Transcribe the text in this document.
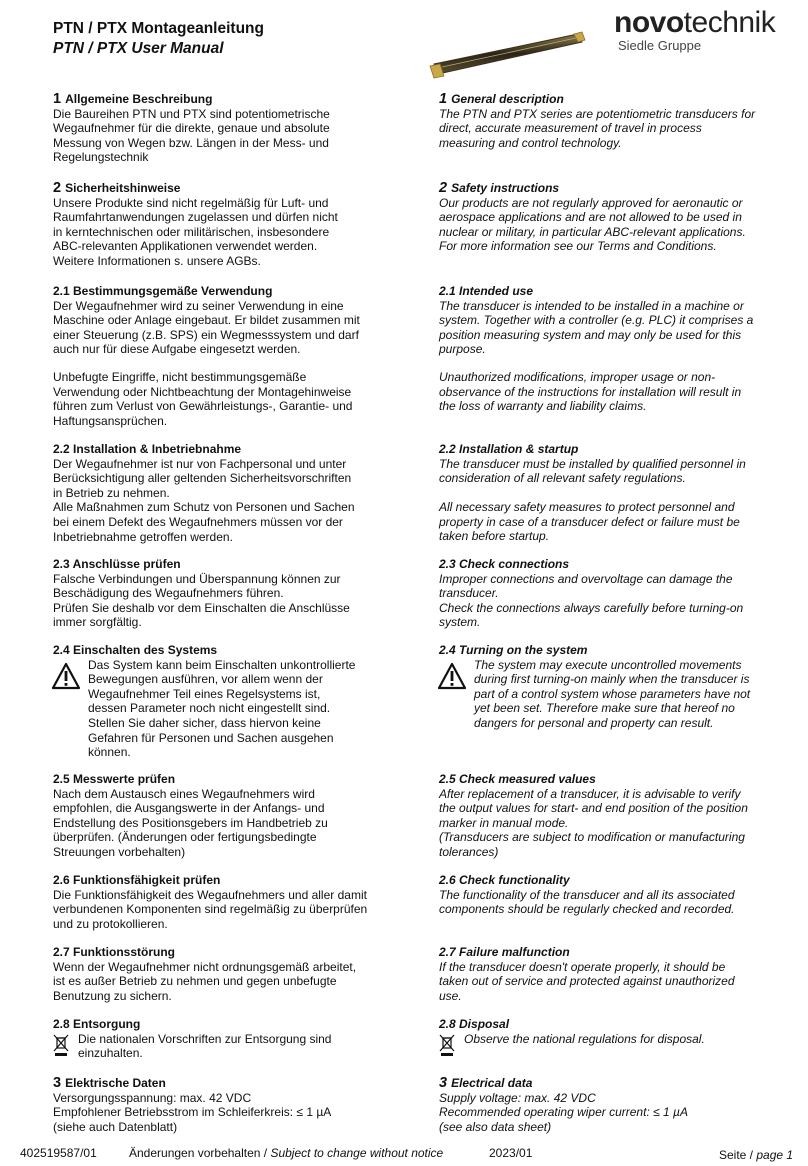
PTN / PTX Montageanleitung
PTN / PTX User Manual
novotechnik
Siedle Gruppe
1 Allgemeine Beschreibung
Die Baureihen PTN und PTX sind potentiometrische
Wegaufnehmer für die direkte, genaue und absolute
Messung von Wegen bzw. Längen in der Mess- und
Regelungstechnik
2 Sicherheitshinweise
Unsere Produkte sind nicht regelmäßig für Luft- und
Raumfahrtanwendungen zugelassen und dürfen nicht
in kerntechnischen oder militärischen, insbesondere
ABC-relevanten Applikationen verwendet werden.
Weitere Informationen s. unsere AGBs.
2.1 Bestimmungsgemäße Verwendung
Der Wegaufnehmer wird zu seiner Verwendung in eine
Maschine oder Anlage eingebaut. Er bildet zusammen mit
einer Steuerung (z.B. SPS) ein Wegmesssystem und darf
auch nur für diese Aufgabe eingesetzt werden.
Unbefugte Eingriffe, nicht bestimmungsgemäße
Verwendung oder Nichtbeachtung der Montagehinweise
führen zum Verlust von Gewährleistungs-, Garantie- und
Haftungsansprüchen.
2.2 Installation & Inbetriebnahme
Der Wegaufnehmer ist nur von Fachpersonal und unter
Berücksichtigung aller geltenden Sicherheitsvorschriften
in Betrieb zu nehmen.
Alle Maßnahmen zum Schutz von Personen und Sachen
bei einem Defekt des Wegaufnehmers müssen vor der
Inbetriebnahme getroffen werden.
2.3 Anschlüsse prüfen
Falsche Verbindungen und Überspannung können zur
Beschädigung des Wegaufnehmers führen.
Prüfen Sie deshalb vor dem Einschalten die Anschlüsse
immer sorgfältig.
2.4 Einschalten des Systems
Das System kann beim Einschalten unkontrollierte
Bewegungen ausführen, vor allem wenn der
Wegaufnehmer Teil eines Regelsystems ist,
dessen Parameter noch nicht eingestellt sind.
Stellen Sie daher sicher, dass hiervon keine
Gefahren für Personen und Sachen ausgehen
können.
2.5 Messwerte prüfen
Nach dem Austausch eines Wegaufnehmers wird
empfohlen, die Ausgangswerte in der Anfangs- und
Endstellung des Positionsgebers im Handbetrieb zu
überprüfen. (Änderungen oder fertigungsbedingte
Streuungen vorbehalten)
2.6 Funktionsfähigkeit prüfen
Die Funktionsfähigkeit des Wegaufnehmers und aller damit
verbundenen Komponenten sind regelmäßig zu überprüfen
und zu protokollieren.
2.7 Funktionsstörung
Wenn der Wegaufnehmer nicht ordnungsgemäß arbeitet,
ist es außer Betrieb zu nehmen und gegen unbefugte
Benutzung zu sichern.
2.8 Entsorgung
Die nationalen Vorschriften zur Entsorgung sind
einzuhalten.
3 Elektrische Daten
Versorgungsspannung: max. 42 VDC
Empfohlener Betriebsstrom im Schleiferkreis: ≤ 1 µA
(siehe auch Datenblatt)
1 General description
The PTN and PTX series are potentiometric transducers for
direct, accurate measurement of travel in process
measuring and control technology.
2 Safety instructions
Our products are not regularly approved for aeronautic or
aerospace applications and are not allowed to be used in
nuclear or military, in particular ABC-relevant applications.
For more information see our Terms and Conditions.
2.1 Intended use
The transducer is intended to be installed in a machine or
system. Together with a controller (e.g. PLC) it comprises a
position measuring system and may only be used for this
purpose.
Unauthorized modifications, improper usage or non-
observance of the instructions for installation will result in
the loss of warranty and liability claims.
2.2 Installation & startup
The transducer must be installed by qualified personnel in
consideration of all relevant safety regulations.
All necessary safety measures to protect personnel and
property in case of a transducer defect or failure must be
taken before startup.
2.3 Check connections
Improper connections and overvoltage can damage the
transducer.
Check the connections always carefully before turning-on
system.
2.4 Turning on the system
The system may execute uncontrolled movements
during first turning-on mainly when the transducer is
part of a control system whose parameters have not
yet been set. Therefore make sure that hereof no
dangers for personal and property can result.
2.5 Check measured values
After replacement of a transducer, it is advisable to verify
the output values for start- and end position of the position
marker in manual mode.
(Transducers are subject to modification or manufacturing
tolerances)
2.6 Check functionality
The functionality of the transducer and all its associated
components should be regularly checked and recorded.
2.7 Failure malfunction
If the transducer doesn't operate properly, it should be
taken out of service and protected against unauthorized
use.
2.8 Disposal
Observe the national regulations for disposal.
3 Electrical data
Supply voltage: max. 42 VDC
Recommended operating wiper current: ≤ 1 µA
(see also data sheet)
402519587/01	Änderungen vorbehalten / Subject to change without notice	2023/01	Seite / page 1
